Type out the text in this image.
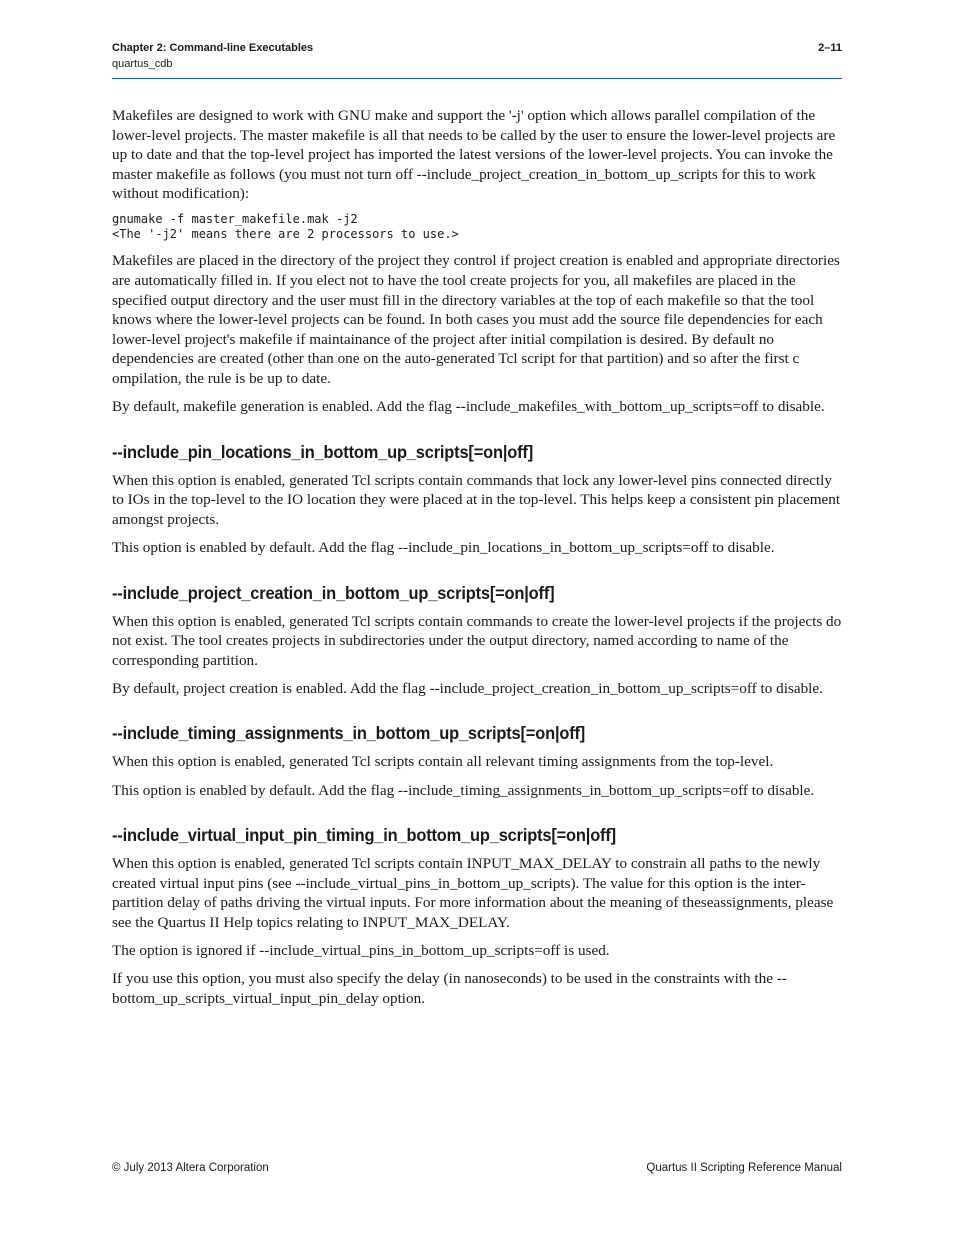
Chapter 2: Command-line Executables
quartus_cdb
2–11

Makefiles are designed to work with GNU make and support the '-j' option which allows parallel compilation of the lower-level projects. The master makefile is all that needs to be called by the user to ensure the lower-level projects are up to date and that the top-level project has imported the latest versions of the lower-level projects. You can invoke the master makefile as follows (you must not turn off --include_project_creation_in_bottom_up_scripts for this to work without modification):

gnumake -f master_makefile.mak -j2
<The '-j2' means there are 2 processors to use.>

Makefiles are placed in the directory of the project they control if project creation is enabled and appropriate directories are automatically filled in. If you elect not to have the tool create projects for you, all makefiles are placed in the specified output directory and the user must fill in the directory variables at the top of each makefile so that the tool knows where the lower-level projects can be found. In both cases you must add the source file dependencies for each lower-level project's makefile if maintainance of the project after initial compilation is desired. By default no dependencies are created (other than one on the auto-generated Tcl script for that partition) and so after the first c ompilation, the rule is be up to date.

By default, makefile generation is enabled. Add the flag --include_makefiles_with_bottom_up_scripts=off to disable.

--include_pin_locations_in_bottom_up_scripts[=on|off]

When this option is enabled, generated Tcl scripts contain commands that lock any lower-level pins connected directly to IOs in the top-level to the IO location they were placed at in the top-level. This helps keep a consistent pin placement amongst projects.

This option is enabled by default. Add the flag --include_pin_locations_in_bottom_up_scripts=off to disable.

--include_project_creation_in_bottom_up_scripts[=on|off]

When this option is enabled, generated Tcl scripts contain commands to create the lower-level projects if the projects do not exist. The tool creates projects in subdirectories under the output directory, named according to name of the corresponding partition.

By default, project creation is enabled. Add the flag --include_project_creation_in_bottom_up_scripts=off to disable.

--include_timing_assignments_in_bottom_up_scripts[=on|off]

When this option is enabled, generated Tcl scripts contain all relevant timing assignments from the top-level.

This option is enabled by default. Add the flag --include_timing_assignments_in_bottom_up_scripts=off to disable.

--include_virtual_input_pin_timing_in_bottom_up_scripts[=on|off]

When this option is enabled, generated Tcl scripts contain INPUT_MAX_DELAY to constrain all paths to the newly created virtual input pins (see --include_virtual_pins_in_bottom_up_scripts). The value for this option is the inter-partition delay of paths driving the virtual inputs. For more information about the meaning of theseassignments, please see the Quartus II Help topics relating to INPUT_MAX_DELAY.

The option is ignored if --include_virtual_pins_in_bottom_up_scripts=off is used.

If you use this option, you must also specify the delay (in nanoseconds) to be used in the constraints with the --bottom_up_scripts_virtual_input_pin_delay option.

© July 2013 Altera Corporation	Quartus II Scripting Reference Manual
